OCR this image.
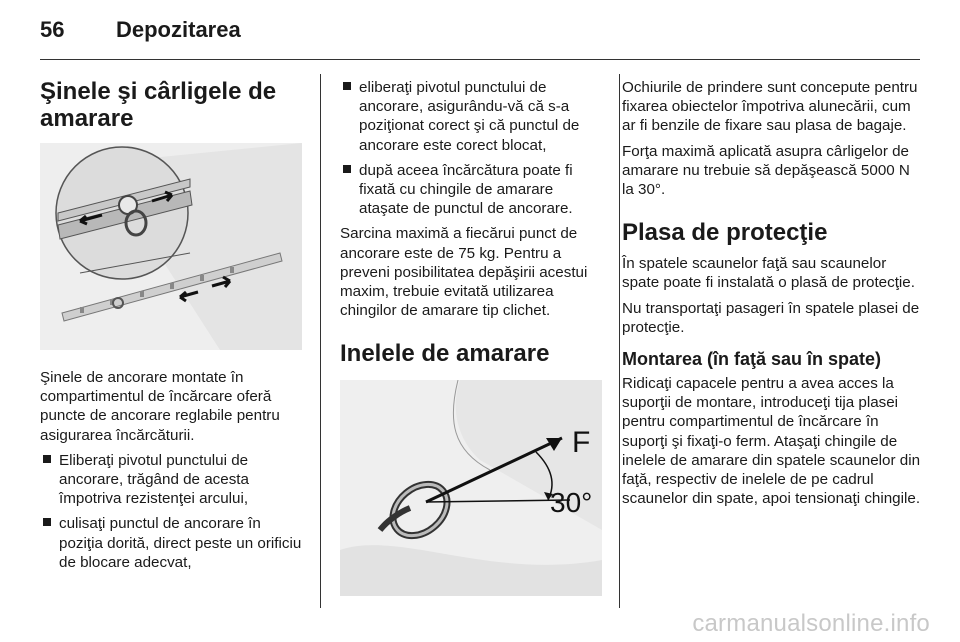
56 Depozitarea
Şinele şi cârligele de amarare

Şinele de ancorare montate în compartimentul de încărcare oferă puncte de ancorare reglabile pentru asigurarea încărcăturii.

Eliberaţi pivotul punctului de ancorare, trăgând de acesta împotriva rezistenţei arcului,
culisaţi punctul de ancorare în poziţia dorită, direct peste un orificiu de blocare adecvat,
eliberaţi pivotul punctului de ancorare, asigurându-vă că s-a poziţionat corect şi că punctul de ancorare este corect blocat,
după aceea încărcătura poate fi fixată cu chingile de amarare ataşate de punctul de ancorare.

Sarcina maximă a fiecărui punct de ancorare este de 75 kg. Pentru a preveni posibilitatea depăşirii acestui maxim, trebuie evitată utilizarea chingilor de amarare tip clichet.

Inelele de amarare
F
30°

Ochiurile de prindere sunt concepute pentru fixarea obiectelor împotriva alunecării, cum ar fi benzile de fixare sau plasa de bagaje.

Forţa maximă aplicată asupra cârligelor de amarare nu trebuie să depăşească 5000 N la 30°.

Plasa de protecţie

În spatele scaunelor faţă sau scaunelor spate poate fi instalată o plasă de protecţie.

Nu transportaţi pasageri în spatele plasei de protecţie.

Montarea (în faţă sau în spate)

Ridicaţi capacele pentru a avea acces la suporţii de montare, introduceţi tija plasei pentru compartimentul de încărcare în suporţi şi fixaţi-o ferm. Ataşaţi chingile de inelele de amarare din spatele scaunelor din faţă, respectiv de inelele de pe cadrul scaunelor din spate, apoi tensionaţi chingile.

carmanualsonline.info
